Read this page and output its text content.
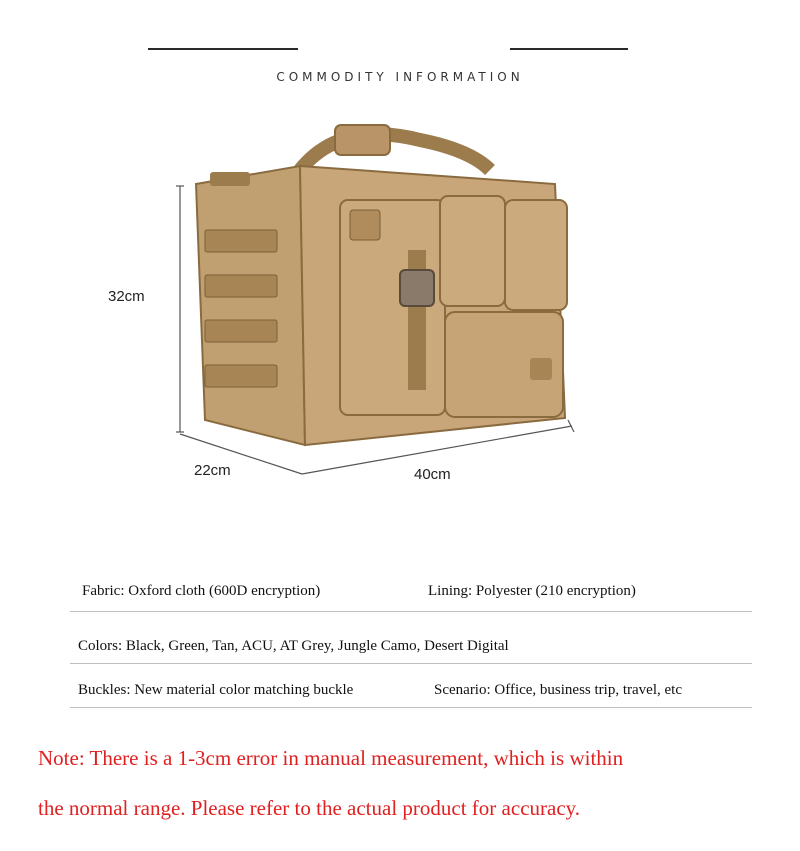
COMMODITY INFORMATION
32cm
22cm	40cm
Fabric: Oxford cloth (600D encryption)	Lining: Polyester (210 encryption)
Colors: Black, Green, Tan, ACU, AT Grey, Jungle Camo, Desert Digital
Buckles: New material color matching buckle	Scenario: Office, business trip, travel, etc
Note: There is a 1-3cm error in manual measurement, which is within
the normal range. Please refer to the actual product for accuracy.
